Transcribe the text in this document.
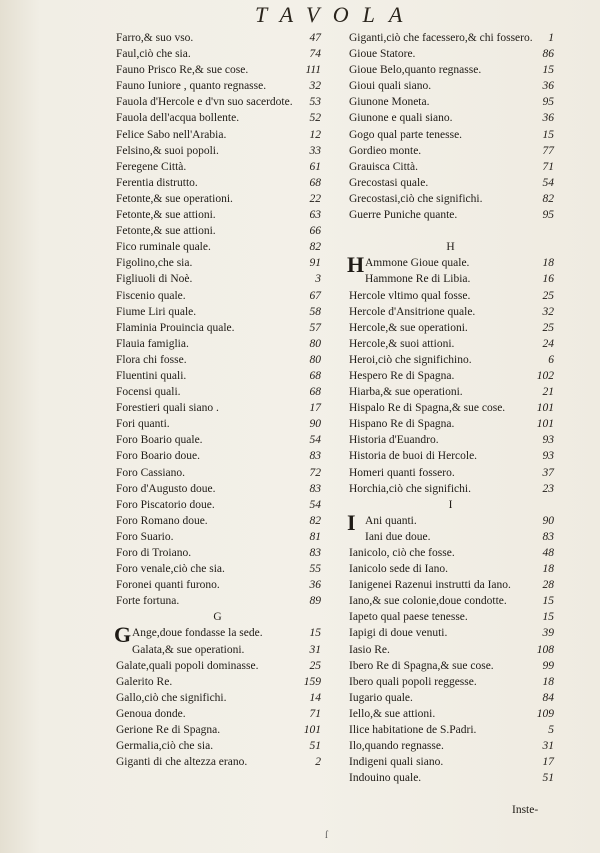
TAVOLA
Farro,& suo vso.	47
Faul,ciò che sia.	74
Fauno Prisco Re,& sue cose.	111
Fauno Iuniore , quanto regnasse.	32
Fauola d'Hercole e d'vn suo sacerdote. 53
Fauola dell'acqua bollente.	52
Felice Sabo nell'Arabia.	12
Felsino,& suoi popoli.	33
Feregene Città.	61
Ferentia distrutto.	68
Fetonte,& sue operationi.	22
Fetonte,& sue attioni.	63
Fetonte,& sue attioni.	66
Fico ruminale quale.	82
Figolino,che sia.	91
Figliuoli di Noè.	3
Fiscenio quale.	67
Fiume Liri quale.	58
Flaminia Prouincia quale.	57
Flauia famiglia.	80
Flora chi fosse.	80
Fluentini quali.	68
Focensi quali.	68
Forestieri quali siano .	17
Fori quanti.	90
Foro Boario quale.	54
Foro Boario doue.	83
Foro Cassiano.	72
Foro d'Augusto doue.	83
Foro Piscatorio doue.	54
Foro Romano doue.	82
Foro Suario.	81
Foro di Troiano.	83
Foro venale,ciò che sia.	55
Foronei quanti furono.	36
Forte fortuna.	89
G
G Ange,doue fondasse la sede.	15
Galata,& sue operationi.	31
Galate,quali popoli dominasse.	25
Galerito Re.	159
Gallo,ciò che significhi.	14
Genoua donde.	71
Gerione Re di Spagna.	101
Germalia,ciò che sia.	51
Giganti di che altezza erano.	2
Giganti,ciò che facessero,& chi fossero. 1
Gioue Statore.	86
Gioue Belo,quanto regnasse.	15
Gioui quali siano.	36
Giunone Moneta.	95
Giunone e quali siano.	36
Gogo qual parte tenesse.	15
Gordieo monte.	77
Grauisca Città.	71
Grecostasi quale.	54
Grecostasi,ciò che significhi.	82
Guerre Puniche quante.	95
H
H Ammone Gioue quale.	18
Hammone Re di Libia.	16
Hercole vltimo qual fosse.	25
Hercole d'Ansitrione quale.	32
Hercole,& sue operationi.	25
Hercole,& suoi attioni.	24
Heroi,ciò che significhino.	6
Hespero Re di Spagna.	102
Hiarba,& sue operationi.	21
Hispalo Re di Spagna,& sue cose.	101
Hispano Re di Spagna.	101
Historia d'Euandro.	93
Historia de buoi di Hercole.	93
Homeri quanti fossero.	37
Horchia,ciò che significhi.	23
I
I Ani quanti.	90
Iani due doue.	83
Ianicolo, ciò che fosse.	48
Ianicolo sede di Iano.	18
Ianigenei Razenui instrutti da Iano.	28
Iano,& sue colonie,doue condotte.	15
Iapeto qual paese tenesse.	15
Iapigi di doue venuti.	39
Iasio Re.	108
Ibero Re di Spagna,& sue cose.	99
Ibero quali popoli reggesse.	18
Iugario quale.	84
Iello,& sue attioni.	109
Ilice habitatione de S.Padri.	5
Ilo,quando regnasse.	31
Indigeni quali siano.	17
Indouino quale.	51
Inste-
ſ
